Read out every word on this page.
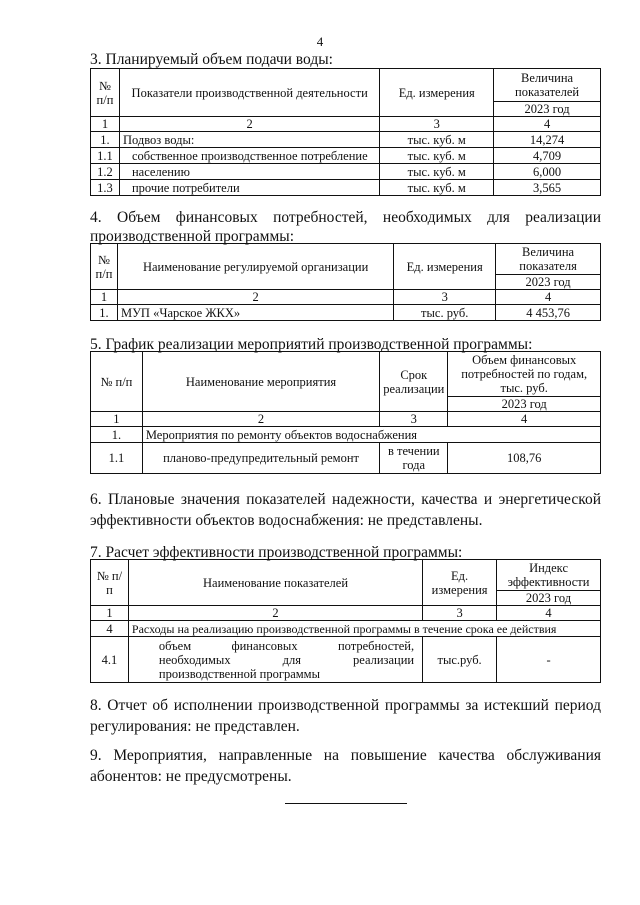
4
3. Планируемый объем подачи воды:
№ п/п	Показатели производственной деятельности	Ед. измерения	Величина показателей
			2023 год
1	2	3	4
1.	Подвоз воды:	тыс. куб. м	14,274
1.1	собственное производственное потребление	тыс. куб. м	4,709
1.2	населению	тыс. куб. м	6,000
1.3	прочие потребители	тыс. куб. м	3,565
4. Объем финансовых потребностей, необходимых для реализации
производственной программы:
№ п/п	Наименование регулируемой организации	Ед. измерения	Величина показателя
			2023 год
1	2	3	4
1.	МУП «Чарское ЖКХ»	тыс. руб.	4 453,76
5. График реализации мероприятий производственной программы:
№ п/п	Наименование мероприятия	Срок реализации	Объем финансовых потребностей по годам, тыс. руб.
			2023 год
1	2	3	4
1.	Мероприятия по ремонту объектов водоснабжения		
1.1	планово-предупредительный ремонт	в течении года	108,76
6. Плановые значения показателей надежности, качества и энергетической
эффективности объектов водоснабжения: не представлены.
7. Расчет эффективности производственной программы:
№ п/п	Наименование показателей	Ед. измерения	Индекс эффективности
			2023 год
1	2	3	4
4	Расходы на реализацию производственной программы в течение срока ее действия		
4.1	объем финансовых потребностей, необходимых для реализации производственной программы	тыс.руб.	-
8. Отчет об исполнении производственной программы за истекший период
регулирования: не представлен.
9. Мероприятия, направленные на повышение качества обслуживания
абонентов: не предусмотрены.
